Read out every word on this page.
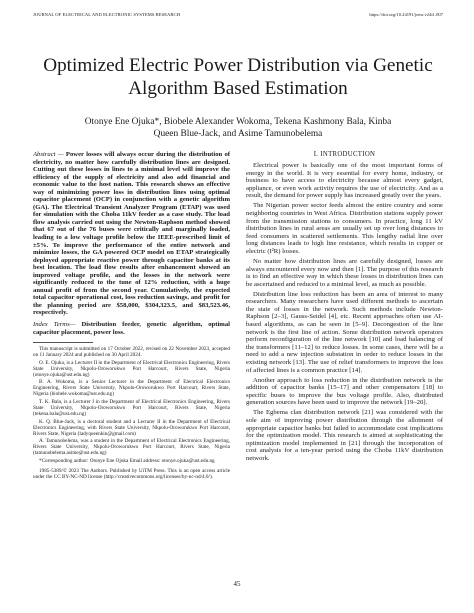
JOURNAL OF ELECTRICAL AND ELECTRONIC SYSTEMS RESEARCH	https://doi.org/10.24191/jeesr.v24i1.007
Optimized Electric Power Distribution via Genetic Algorithm Based Estimation
Otonye Ene Ojuka*, Biobele Alexander Wokoma, Tekena Kashmony Bala, Kinba
Queen Blue-Jack, and Asime Tamunobelema

Abstract — Power losses will always occur during the distribution of electricity, no matter how carefully distribution lines are designed. Cutting out these losses in lines to a minimal level will improve the efficiency of the supply of electricity and also add financial and economic value to the host nation. This research shows an effective way of minimizing power loss in distribution lines using optimal capacitor placement (OCP) in conjunction with a genetic algorithm (GA). The Electrical Transient Analyzer Program (ETAP) was used for simulation with the Choba 11kV feeder as a case study. The load flow analysis carried out using the Newton-Raphson method showed that 67 out of the 76 buses were critically and marginally loaded, leading to a low voltage profile below the IEEE-prescribed limit of ±5%. To improve the performance of the entire network and minimize losses, the GA powered OCP model on ETAP strategically deployed appropriate reactive power through capacitor banks at its best location. The load flow results after enhancement showed an improved voltage profile, and the losses in the network were significantly reduced to the tune of 12% reduction, with a huge annual profit of from the second year. Cumulatively, the expected total capacitor operational cost, loss reduction savings, and profit for the planning period are $58,000, $304,323.5, and $83,523.46, respectively.

Index Terms— Distribution feeder, genetic algorithm, optimal capacitor placement, power loss.

This manuscript is submitted on 17 October 2022, revised on 22 November 2023, accepted on 11 January 2024 and published on 30 April 2024.

O. E. Ojuka, is a Lecturer II in the Department of Electrical Electronics Engineering, Rivers State University, Nkpolu-Oroworukwo Port Harcourt, Rivers State, Nigeria (otonye.ojuka@ust.edu.ng)

B. A. Wokoma, is a Senior Lecturer in the Department of Electrical Electronics Engineering, Rivers State University, Nkpolu-Oroworukwo Port Harcourt, Rivers State, Nigeria (biobele.wokoma@ust.edu.ng)

T. K. Bala, is a Lecturer I in the Department of Electrical Electronics Engineering, Rivers State University, Nkpolu-Oroworukwo Port Harcourt, Rivers State, Nigeria (tekena.bala@ust.edu.ng)

K. Q. Blue-Jack, is a doctoral student and a Lecturer II in the Department of Electrical Electronics Engineering, with Rivers State University, Nkpolu-Oroworukwo Port Harcourt, Rivers State, Nigeria (ladyqueenkin@gmail.com)

A. Tamunobelema, was a student in the Department of Electrical Electronics Engineering, Rivers State University, Nkpolu-Oroworukwo Port Harcourt, Rivers State, Nigeria (tamunobelema.asime@ust.edu.ng)

*Corresponding author: Otonye Ene Ojuka Email address: otonye.ojuka@ust.edu.ng

1985-5389/© 2023 The Authors. Published by UiTM Press. This is an open access article under the CC BY-NC-ND license (http://creativecommons.org/licenses/by-nc-nd/4.0/).

I. INTRODUCTION

Electrical power is basically one of the most important forms of energy in the world. It is very essential for every home, industry, or business to have access to electricity because almost every gadget, appliance, or even work activity requires the use of electricity. And as a result, the demand for power supply has increased greatly over the years.

The Nigerian power sector feeds almost the entire country and some neighboring countries in West Africa. Distribution stations supply power from the transmission stations to consumers. In practice, long 11 kV distribution lines in rural areas are usually set up over long distances to feed consumers in scattered settlements. This lengthy radial line over long distances leads to high line resistance, which results in copper or electric (I²R) losses.

No matter how distribution lines are carefully designed, losses are always encountered every now and then [1]. The purpose of this research is to find an effective way in which these losses in distribution lines can be ascertained and reduced to a minimal level, as much as possible.

Distribution line loss reduction has been an area of interest to many researchers. Many researchers have used different methods to ascertain the state of losses in the network. Such methods include Newton-Raphson [2–3], Gauss-Seidel [4], etc. Recent approaches often use AI-based algorithms, as can be seen in [5–9]. Decongestion of the line network is the first line of action. Some distribution network operators perform reconfiguration of the line network [10] and load balancing of the transformers [11–12] to reduce losses. In some cases, there will be a need to add a new injection substation in order to reduce losses in the existing network [13]. The use of relief transformers to improve the loss of affected lines is a common practice [14].

Another approach to loss reduction in the distribution network is the addition of capacitor banks [15–17] and other compensators [18] to specific buses to improve the bus voltage profile. Also, distributed generation sources have been used to improve the network [19–20].

The Egbema clan distribution network [21] was considered with the sole aim of improving power distribution through the allotment of appropriate capacitor banks but failed to accommodate cost implications for the optimization model. This research is aimed at sophisticating the optimization model implemented in [21] through the incorporation of cost analysis for a ten-year period using the Choba 11kV distribution network.

45
